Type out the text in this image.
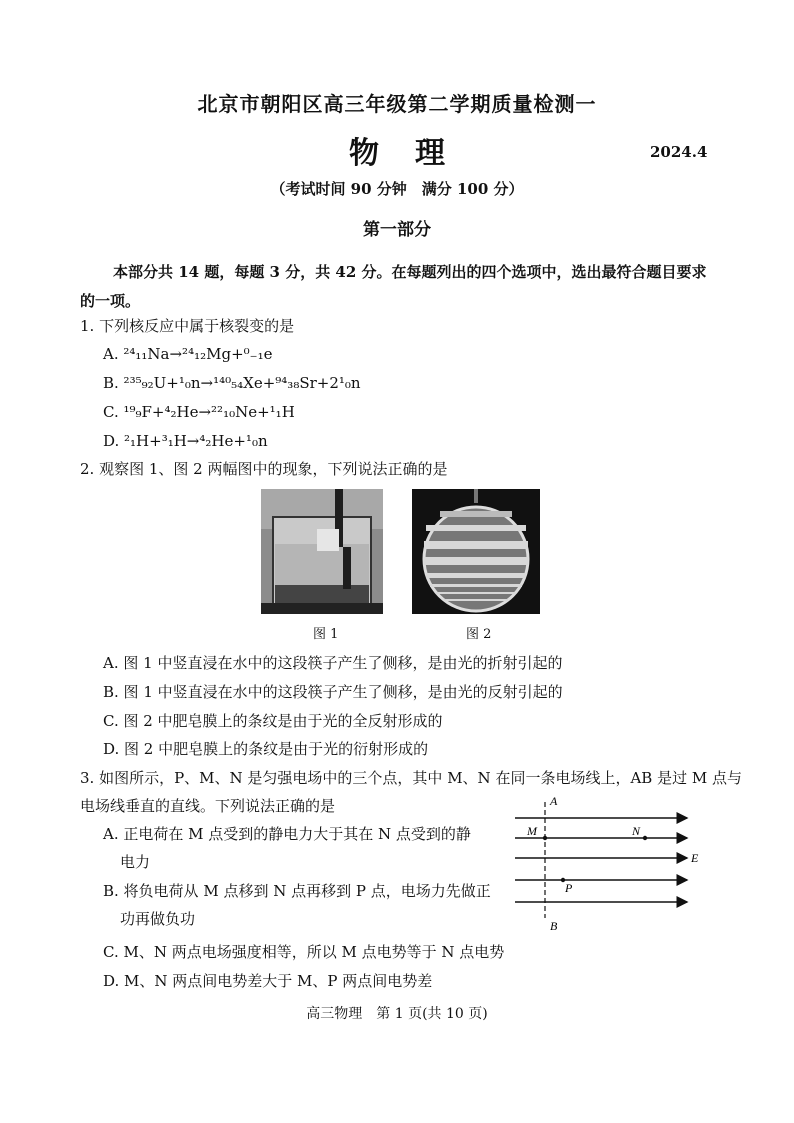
北京市朝阳区高三年级第二学期质量检测一
物理	2024.4
（考试时间 90 分钟　满分 100 分）
第一部分
本部分共 14 题，每题 3 分，共 42 分。在每题列出的四个选项中，选出最符合题目要求的一项。
1. 下列核反应中属于核裂变的是
A. ²⁴₁₁Na→²⁴₁₂Mg+⁰₋₁e
B. ²³⁵₉₂U+¹₀n→¹⁴⁰₅₄Xe+⁹⁴₃₈Sr+2¹₀n
C. ¹⁹₉F+⁴₂He→²²₁₀Ne+¹₁H
D. ²₁H+³₁H→⁴₂He+¹₀n
2. 观察图 1、图 2 两幅图中的现象，下列说法正确的是
图 1	图 2
A. 图 1 中竖直浸在水中的这段筷子产生了侧移，是由光的折射引起的
B. 图 1 中竖直浸在水中的这段筷子产生了侧移，是由光的反射引起的
C. 图 2 中肥皂膜上的条纹是由于光的全反射形成的
D. 图 2 中肥皂膜上的条纹是由于光的衍射形成的
3. 如图所示，P、M、N 是匀强电场中的三个点，其中 M、N 在同一条电场线上，AB 是过 M 点与
电场线垂直的直线。下列说法正确的是
A. 正电荷在 M 点受到的静电力大于其在 N 点受到的静
电力
B. 将负电荷从 M 点移到 N 点再移到 P 点，电场力先做正
功再做负功
C. M、N 两点电场强度相等，所以 M 点电势等于 N 点电势
D. M、N 两点间电势差大于 M、P 两点间电势差
A
B
M	N
P
E
高三物理　第 1 页(共 10 页)
